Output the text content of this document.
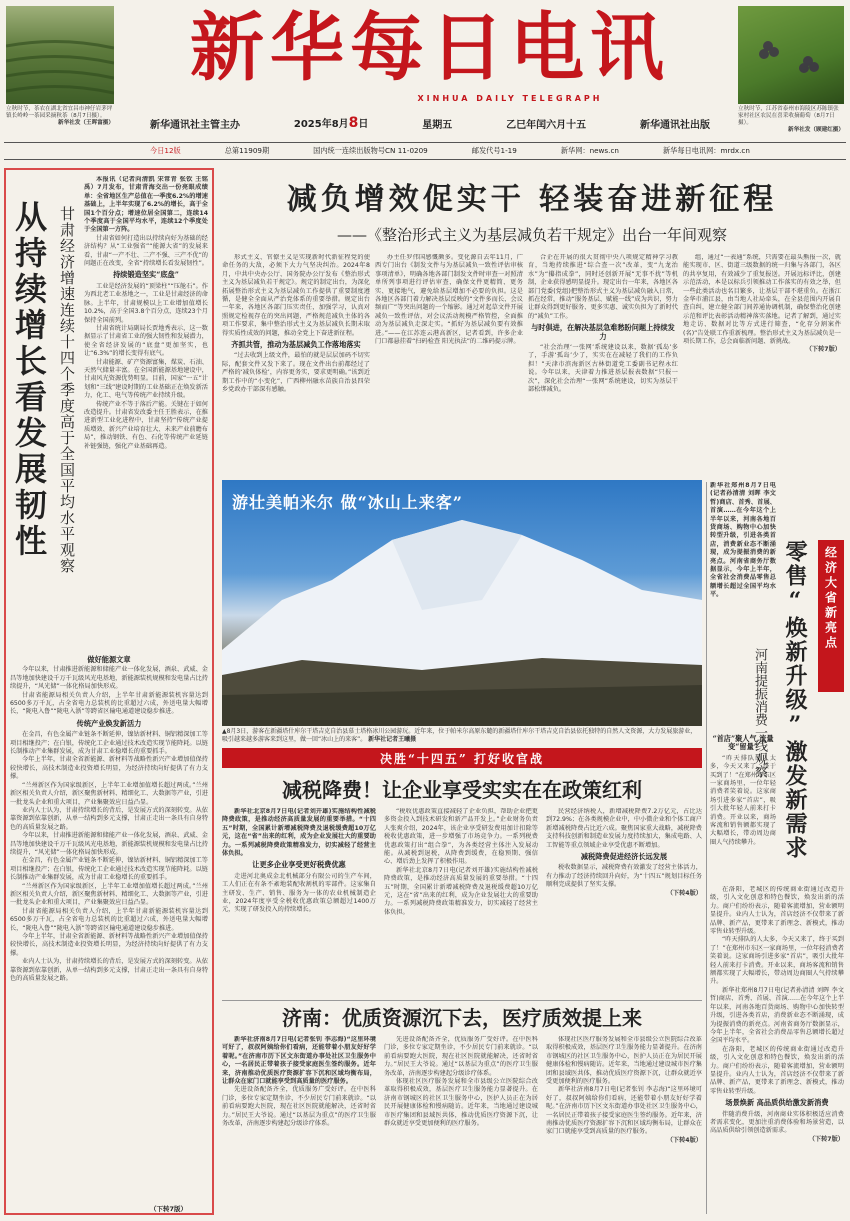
立秋时节，茶农在湖北省宜昌市神仔岩茅坪镇长岭岭一茶园采摘秋茶（8月7日摄）。
新华社发（王晖富摄）
立秋时节，江苏省泰州市海陵区苏陈镇张家村社区农民在喜采收摘葡萄（8月7日摄）。
新华社发（顾建红摄）
新华每日电讯
XINHUA DAILY TELEGRAPH
新华通讯社主管主办	2025年8月8日	星期五	乙巳年闰六月十五	新华通讯社出版
今日12版	总第11909期	国内统一连续出版物号CN 11-0209	邮发代号1-19	新华网：news.cn	新华每日电讯网：mrdx.cn
从持续增长看发展韧性 甘肃经济增速连续十四个季度高于全国平均水平观察

本报讯（记者向清凯 宋常青 张钦 王铭禹）7月发布，甘肃青海交出一份亮眼成绩单：全省地区生产总值在一季度6.2%的增速基础上，上半年实现了6.2%的增长，高于全国1个百分点；增速位居全国第二，连续14个季度高于全国平均水平，连续12个季度处于全国第一方阵。

甘肃省如何打造出以持续向好为基础的经济结构？从“工业强省”“能源大省”的发展来看，甘肃“一产不壮、二产不强、三产不优”的问题正在改变，全省“持续增长看发展韧性”。

持续锻造坚实“底盘”

工业是经济发展的“顶梁柱”“压舱石”。作为西北老工业基地之一，工业是甘肃经济的命脉。上半年，甘肃规模以上工业增加值增长10.2%，高于全国3.8个百分点，连续23个月保持全国前列。

甘肃省统计局副局长贾地秀表示，这一数据显示了甘肃省工业的强大韧性和发展潜力，使全省经济发展的“底盘”更加坚实，也让“6.3%”的增长变得有底气。

甘肃能源、矿产资源富集，煤炭、石油、天然气储量丰富。在全国新能源基地建设中，甘肃风光资源优势明显。目前，国家“一五”计划和“三线”建设时期的工业基础正在焕发新活力，化工、电气等传统产业持续升级。

传统产业不等于落后产能。关键在于如何改造提升。甘肃省发改委主任王胜表示，在推进新型工业化进程中，甘肃坚持“传统产业提质增效、新兴产业培育壮大、未来产业前瞻布局”，推动钢铁、有色、石化等传统产业延链补链强链，强化产业基础再造。

做好能源文章

今年以来，甘肃推进新能源和储能产业一体化发展，酒泉、武威、金昌等地加快建设千万千瓦级风光电基地，新能源装机规模和发电量占比持续提升，“风光储”一体化格局加快形成。

甘肃省能源局相关负责人介绍，上半年甘肃新能源装机容量达到6500多万千瓦，占全省电力总装机的比重超过六成，外送电量大幅增长，“陇电入鲁”“陇电入浙”等跨省区输电通道建设稳步推进。

传统产业焕发新活力

在金昌，有色金属产业链条不断延伸，镍钴新材料、铜铝精深加工等项目相继投产；在白银，传统化工企业通过技术改造实现节能降耗。以链长制推动产业集群发展，成为甘肃工业稳增长的重要抓手。

今年上半年，甘肃全省新能源、新材料等战略性新兴产业增加值保持较快增长，高技术制造业投资增长明显，为经济持续向好提供了有力支撑。

“兰州新区作为国家级新区，上半年工业增加值增长超过两成。”兰州新区相关负责人介绍，新区聚焦新材料、精细化工、大数据等产业，引进一批龙头企业和重大项目，产业集聚效应日益凸显。

业内人士认为，甘肃持续增长的背后，是发展方式的深刻转变。从依靠资源到依靠创新，从单一结构到多元支撑，甘肃正走出一条具有自身特色的高质量发展之路。

今年以来，甘肃推进新能源和储能产业一体化发展，酒泉、武威、金昌等地加快建设千万千瓦级风光电基地，新能源装机规模和发电量占比持续提升，“风光储”一体化格局加快形成。

在金昌，有色金属产业链条不断延伸，镍钴新材料、铜铝精深加工等项目相继投产；在白银，传统化工企业通过技术改造实现节能降耗。以链长制推动产业集群发展，成为甘肃工业稳增长的重要抓手。

“兰州新区作为国家级新区，上半年工业增加值增长超过两成。”兰州新区相关负责人介绍，新区聚焦新材料、精细化工、大数据等产业，引进一批龙头企业和重大项目，产业集聚效应日益凸显。

甘肃省能源局相关负责人介绍，上半年甘肃新能源装机容量达到6500多万千瓦，占全省电力总装机的比重超过六成，外送电量大幅增长，“陇电入鲁”“陇电入浙”等跨省区输电通道建设稳步推进。

今年上半年，甘肃全省新能源、新材料等战略性新兴产业增加值保持较快增长，高技术制造业投资增长明显，为经济持续向好提供了有力支撑。

业内人士认为，甘肃持续增长的背后，是发展方式的深刻转变。从依靠资源到依靠创新，从单一结构到多元支撑，甘肃正走出一条具有自身特色的高质量发展之路。

（下转7版）
减负增效促实干 轻装奋进新征程
——《整治形式主义为基层减负若干规定》出台一年间观察

形式主义、官僚主义是实现新时代新征程党的使命任务的大敌，必须下大力气坚决纠治。2024年8月，中共中央办公厅、国务院办公厅发布《整治形式主义为基层减负若干规定》。规定的制定出台，为深化拓展整治形式主义为基层减负工作提供了重要制度遵循，是健全全面从严治党体系的重要举措。规定出台一年来，各地区各部门压实责任，加强学习，认真对照规定检视存在的突出问题，严格规范减负主体的各项工作要求，集中整治形式主义为基层减负长期未取得实质性成效的问题，推动全党上下奋进新征程。

齐抓共管，推动为基层减负工作落地落实

“过去收到上级文件，最怕的就是层层加码不切实际，配套文件又发下来了。现在文件出台前都经过了严格的‘减负体检’，内容更务实，要求更明确。”该到近期工作中的“小变化”，广西柳州融水苗族自治县四荣乡党政办干部深有感触。

办主任罗伟国感慨颇多。变化源自去年11月，广西专门出台《制发文件与为基层减负一致性评估审核事项清单》，明确各地各部门制发文件时审查一对照清单所列事项进行评估审查，确保文件更精简、更务实、更接地气，避免给基层增加不必要的负担。这是各地区各部门着力解决基层反映的“文件多而长、会议频而广”等突出问题的一个缩影。通过对起草文件开展减负一致性评估，对会议活动规模严格管控，全面推动为基层减负走深走实。“抓好为基层减负要有效推进。”——在江苏连云港高新区，记者看到，许多企业门口都悬挂着“扫码检查 阳光执法”的二维码提示牌。

合企在开展的很大贯彻中央八项规定精神学习教育，当地持续推进“综合查一次”改革，变“九龙治水”为“攥指成拳”，同时还创新开展“无事不扰”等机制，企业获得感明显提升。现定出台一年来，各地区各部门党委(党组)把整治形式主义为基层减负融入日常，抓在经常，推动“服务基层、赋能一线”成为共识，努力让群众得到更好服务、更多实惠、诚实负担为了新时代的“减负”工作。

与时俱进，在解决基层急难愁盼问题上持续发力

“社会治理‘一张网’系统建设以来，数据‘孤岛’多了，手游‘孤岛’少了，实实在在减轻了我们的工作负担！”天津市滨海新区古林街道党工委副书记程永红说。今年以来，天津着力推进基层报表数据“只报一次”，深化社会治理“一张网”系统建设，切实为基层干部松绑减负。

组，通过“一表通”系统，只需要在最头熊报一次，就能实现市、区、街道三级数据的统一归集与各部门，各区的共享复用，有效减少了重复报送。开展远标评比，创建示范活动，本是以标兵引领推动工作落实的有效之举，但一些此类活动也名目繁多，让基层干部不堪重负。在浙江金华市浦江县，由当地人社局牵头，在全县范围内开展自查自纠，建立健全部门间养通协调机制，确保整治化创建示范和评比表彰活动精神落实落地。记者了解到，通过实地走访、数据对比等方式进行筛查，“化存分割案件(名)”告处联工作重新梳理。整治形式主义为基层减负是一项长期工作，总会面临新问题、新挑战。

（下转7版）
游壮美帕米尔 做“冰山上来客”
▲8月3日，游客在新疆塔什库尔干塔吉克自治县慕士塔格冰川公园游玩。近年来，位于帕米尔高原东麓的新疆塔什库尔干塔吉克自治县依托独特的自然人文资源，大力发展旅游业，吸引越来越多游客来到这里，做一回“冰山上的来客”。 新华社记者王曦摄
决胜“十四五” 打好收官战
减税降费！让企业享受实实在在政策红利

新华社北京8月7日电(记者刘开雄)实施结构性减税降费政策，是推动经济高质量发展的重要举措。“十四五”时期，全国累计新增减税降费及退税缓费超10万亿元，这在“省”出来的红利，成为企业发展壮大的重要助力。一系列减税降费政策精准发力，切实减轻了经营主体负担。

让更多企业享受更好税费优惠

走进河北奥成金北机械部分有限公司的生产车间，工人们正在有条不紊地装配收割机的零部件。这家集自主研发、生产、销售、服务为一体的农业机械制造企业，2024年度享受全税收优惠政策总额超过1400万元，实现了研发投入的持续增长。

“税收优惠政策直接减轻了企业负担，帮助企业把更多资金投入到技术研发和新产品开发上。”企业财务负责人张爽介绍，2024年，该企业享受研发费用加计扣除等税收优惠政策，进一步增强了市场竞争力。一系列税费优惠政策打出“组合拳”，为各类经营主体注入发展动能。从减税到退税，从降费到缓费，在稳预期、强信心、增后劲上发挥了积极作用。

新华社北京8月7日电(记者刘开雄)实施结构性减税降费政策，是推动经济高质量发展的重要举措。“十四五”时期，全国累计新增减税降费及退税缓费超10万亿元，这在“省”出来的红利，成为企业发展壮大的重要助力。一系列减税降费政策精准发力，切实减轻了经营主体负担。

民营经济纳税人，新增减税降费7.2万亿元，占比达到72.9%；在各类规模企业中，中小微企业和个体工商户新增减税降费占比近六成。聚焦国家重大战略，减税降费支持科技创新和制造业发展力度持续加大，集成电路、人工智能等重点领域企业享受优惠不断增加。

减税降费促进经济长远发展

税收数据显示，减税降费有效激发了经营主体活力，有力推动了经济持续回升向好，为“十四五”规划目标任务顺利完成提供了坚实支撑。

（下转4版）
济南：优质资源沉下去，医疗质效提上来

新华社济南8月7日电(记者张钊 李志海)“这里环境可好了，叔叔阿姨给你们看病，还能带着小朋友好好学着呢。”在济南市历下区文东街道办事处社区卫生服务中心，一名居民正带着孩子接受家庭医生签约服务。近年来，济南推动优质医疗资源扩容下沉和区域均衡布局，让群众在家门口就能享受到高质量的医疗服务。

先进设备配备齐全，优质服务广受好评。在中医科门诊，多位专家定期坐诊，不少居民专门前来就诊。“以前看病要跑大医院，现在社区医院就能解决，还省时省力。”居民王大爷说。通过“以基层为重点”的医疗卫生服务改革，济南逐步构建起分级诊疗体系。

先进设备配备齐全，优质服务广受好评。在中医科门诊，多位专家定期坐诊，不少居民专门前来就诊。“以前看病要跑大医院，现在社区医院就能解决，还省时省力。”居民王大爷说。通过“以基层为重点”的医疗卫生服务改革，济南逐步构建起分级诊疗体系。

体现社区医疗服务发展和全市县级公立医院综合改革取得积极成效，基层医疗卫生服务能力显著提升。在济南市钢城区的社区卫生服务中心，医护人员正在为居民开展健康体检和慢病随访。近年来，当地通过建设城市医疗集团和县域医共体，推动优质医疗资源下沉，让群众就近享受更加便利的医疗服务。

体现社区医疗服务发展和全市县级公立医院综合改革取得积极成效，基层医疗卫生服务能力显著提升。在济南市钢城区的社区卫生服务中心，医护人员正在为居民开展健康体检和慢病随访。近年来，当地通过建设城市医疗集团和县域医共体，推动优质医疗资源下沉，让群众就近享受更加便利的医疗服务。

新华社济南8月7日电(记者张钊 李志海)“这里环境可好了，叔叔阿姨给你们看病，还能带着小朋友好好学着呢。”在济南市历下区文东街道办事处社区卫生服务中心，一名居民正带着孩子接受家庭医生签约服务。近年来，济南推动优质医疗资源扩容下沉和区域均衡布局，让群众在家门口就能享受到高质量的医疗服务。

（下转4版）

新华社郑州8月7日电(记者孙清清 刘晖 李文哲)商店、首秀、首展、首演……在今年这个上半年以来，河南各地百货商场、购物中心加快转型升级，引进各类首店，消费新业态不断涌现，成为提振消费的新亮点。河南省商务厅数据显示，今年上半年，全省社会消费品零售总额增长超过全国平均水平。	经济大省新亮点
零售“焕新升级”激发新需求
河南提振消费一线观察
“首店”聚人气 流量变“留量”

“昨天排队的人太多，今天又来了，终于买到了！”在郑州市东区一家商场里，一位年轻消费者笑着说。这家商场引进多家“首店”，吸引大批年轻人前来打卡消费。开业以来，商场客流和销售额都实现了大幅增长，带动周边商圈人气持续攀升。

在洛阳，老城区的传统商业街通过改造升级，引入文化创意和特色餐饮，焕发出新的活力。商户们纷纷表示，随着客流增加，营业额明显提升。业内人士认为，首店经济不仅带来了新品牌、新产品，更带来了新理念、新模式，推动零售业转型升级。

“昨天排队的人太多，今天又来了，终于买到了！”在郑州市东区一家商场里，一位年轻消费者笑着说。这家商场引进多家“首店”，吸引大批年轻人前来打卡消费。开业以来，商场客流和销售额都实现了大幅增长，带动周边商圈人气持续攀升。

新华社郑州8月7日电(记者孙清清 刘晖 李文哲)商店、首秀、首展、首演……在今年这个上半年以来，河南各地百货商场、购物中心加快转型升级，引进各类首店，消费新业态不断涌现，成为提振消费的新亮点。河南省商务厅数据显示，今年上半年，全省社会消费品零售总额增长超过全国平均水平。

在洛阳，老城区的传统商业街通过改造升级，引入文化创意和特色餐饮，焕发出新的活力。商户们纷纷表示，随着客流增加，营业额明显提升。业内人士认为，首店经济不仅带来了新品牌、新产品，更带来了新理念、新模式，推动零售业转型升级。

场景焕新 高品质供给激发新消费

伴随消费升级，河南商业实体积极适应消费者需求变化，更加注重消费体验和场景营造，以高品质供给引领创造新需求。

（下转7版）
